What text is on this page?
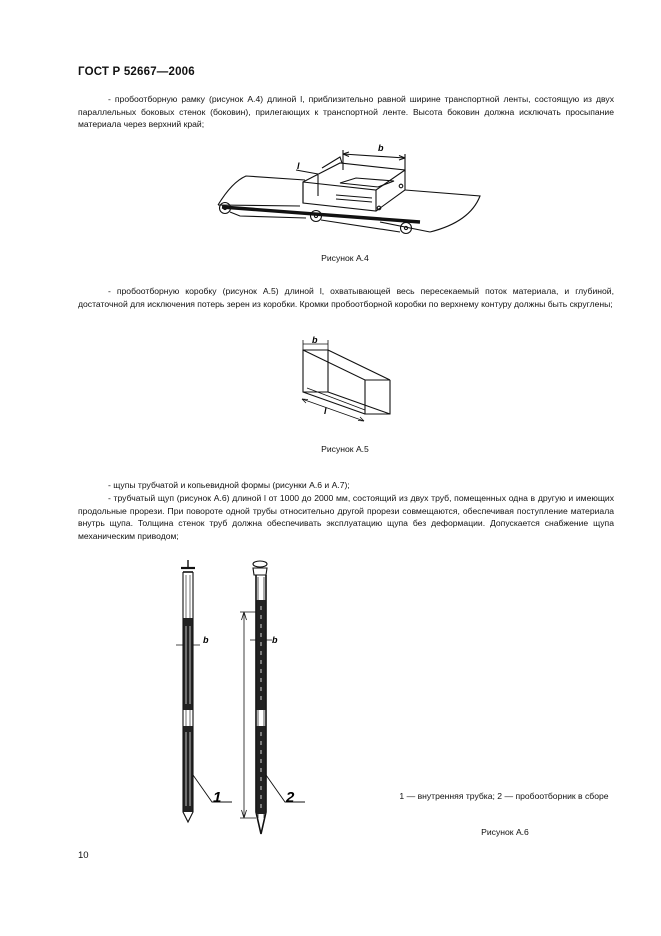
ГОСТ Р 52667—2006
- пробоотборную рамку (рисунок А.4) длиной l, приблизительно равной ширине транспортной ленты, состоящую из двух параллельных боковых стенок (боковин), прилегающих к транспортной ленте. Высота боковин должна исключать просыпание материала через верхний край;
l
b
Рисунок А.4
- пробоотборную коробку (рисунок А.5) длиной l, охватывающей весь пересекаемый поток материала, и глубиной, достаточной для исключения потерь зерен из коробки. Кромки пробоотборной коробки по верхнему контуру должны быть скруглены;
b
l
Рисунок А.5
- щупы трубчатой и копьевидной формы (рисунки А.6 и А.7);
- трубчатый щуп (рисунок А.6) длиной l от 1000 до 2000 мм, состоящий из двух труб, помещенных одна в другую и имеющих продольные прорези. При повороте одной трубы относительно другой прорези совмещаются, обеспечивая поступление материала внутрь щупа. Толщина стенок труб должна обеспечивать эксплуатацию щупа без деформации. Допускается снабжение щупа механическим приводом;
b	b
1	2	1 — внутренняя трубка; 2 — пробоотборник в сборе
Рисунок А.6
10
